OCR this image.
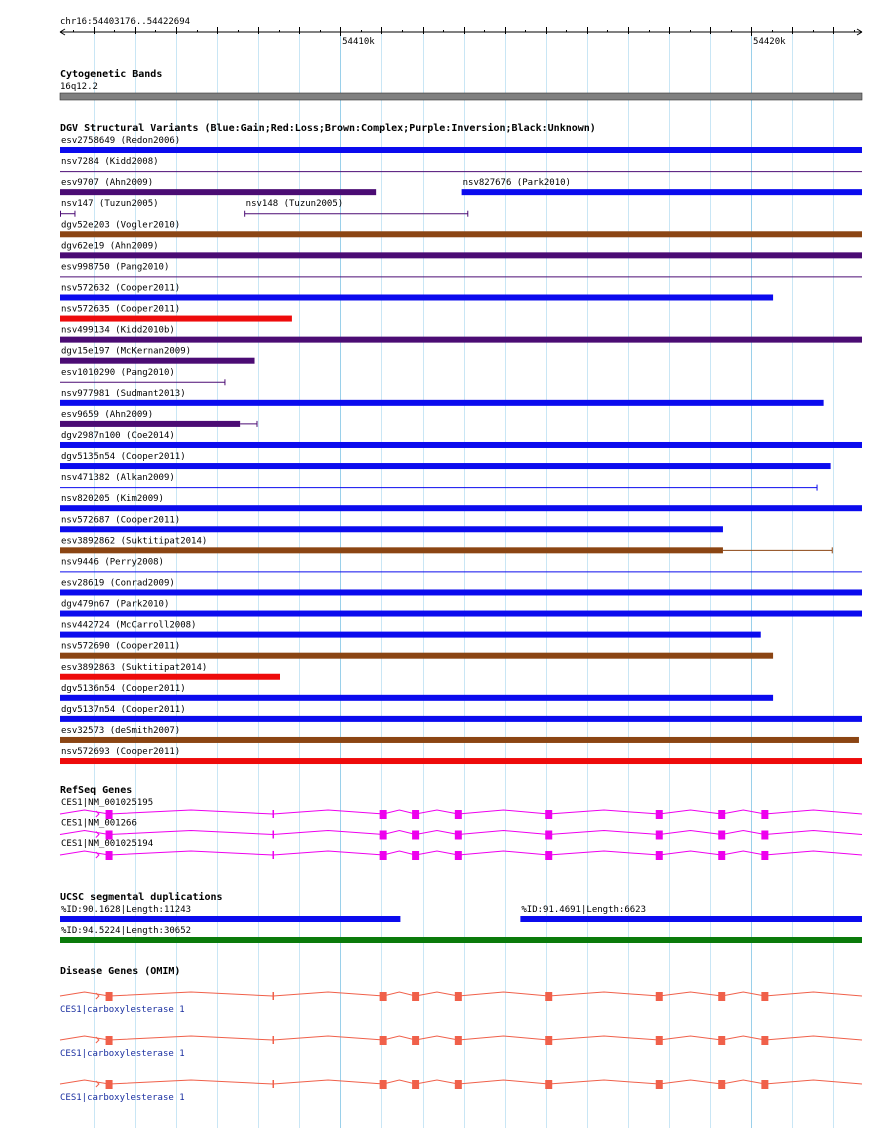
chr16:54403176..54422694
54410k	54420k
Cytogenetic Bands
16q12.2
DGV Structural Variants (Blue:Gain;Red:Loss;Brown:Complex;Purple:Inversion;Black:Unknown)
esv2758649 (Redon2006)
nsv7284 (Kidd2008)
esv9707 (Ahn2009)	nsv827676 (Park2010)
nsv147 (Tuzun2005)	nsv148 (Tuzun2005)
dgv52e203 (Vogler2010)
dgv62e19 (Ahn2009)
esv998750 (Pang2010)
nsv572632 (Cooper2011)
nsv572635 (Cooper2011)
nsv499134 (Kidd2010b)
dgv15e197 (McKernan2009)
esv1010290 (Pang2010)
nsv977981 (Sudmant2013)
esv9659 (Ahn2009)
dgv2987n100 (Coe2014)
dgv5135n54 (Cooper2011)
nsv471382 (Alkan2009)
nsv820205 (Kim2009)
nsv572687 (Cooper2011)
esv3892862 (Suktitipat2014)
nsv9446 (Perry2008)
esv28619 (Conrad2009)
dgv479n67 (Park2010)
nsv442724 (McCarroll2008)
nsv572690 (Cooper2011)
esv3892863 (Suktitipat2014)
dgv5136n54 (Cooper2011)
dgv5137n54 (Cooper2011)
esv32573 (deSmith2007)
nsv572693 (Cooper2011)
RefSeq Genes
CES1|NM_001025195
CES1|NM_001266
CES1|NM_001025194
UCSC segmental duplications
%ID:90.1628|Length:11243	%ID:91.4691|Length:6623
%ID:94.5224|Length:30652
Disease Genes (OMIM)
CES1|carboxylesterase 1
CES1|carboxylesterase 1
CES1|carboxylesterase 1
